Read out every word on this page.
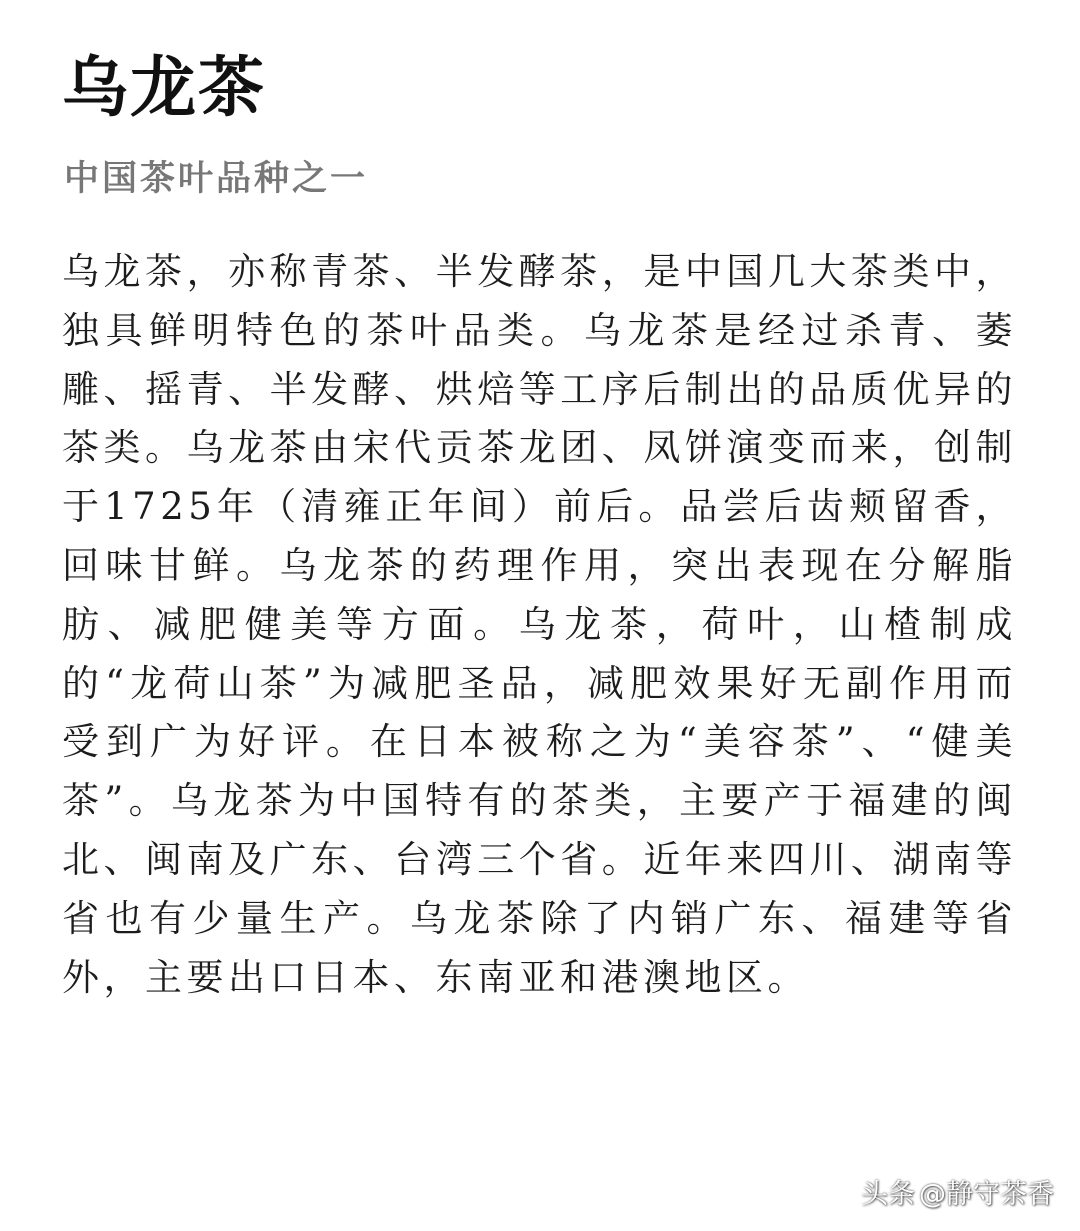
乌龙茶
中国茶叶品种之一

乌龙茶，亦称青茶、半发酵茶，是中国几大茶类中，独具鲜明特色的茶叶品类。乌龙茶是经过杀青、萎雕、摇青、半发酵、烘焙等工序后制出的品质优异的茶类。乌龙茶由宋代贡茶龙团、凤饼演变而来，创制于1725年（清雍正年间）前后。品尝后齿颊留香，回味甘鲜。乌龙茶的药理作用，突出表现在分解脂肪、减肥健美等方面。乌龙茶，荷叶，山楂制成的“龙荷山茶”为减肥圣品，减肥效果好无副作用而受到广为好评。在日本被称之为“美容茶”、“健美茶”。乌龙茶为中国特有的茶类，主要产于福建的闽北、闽南及广东、台湾三个省。近年来四川、湖南等省也有少量生产。乌龙茶除了内销广东、福建等省外，主要出口日本、东南亚和港澳地区。

头条 @静守茶香
